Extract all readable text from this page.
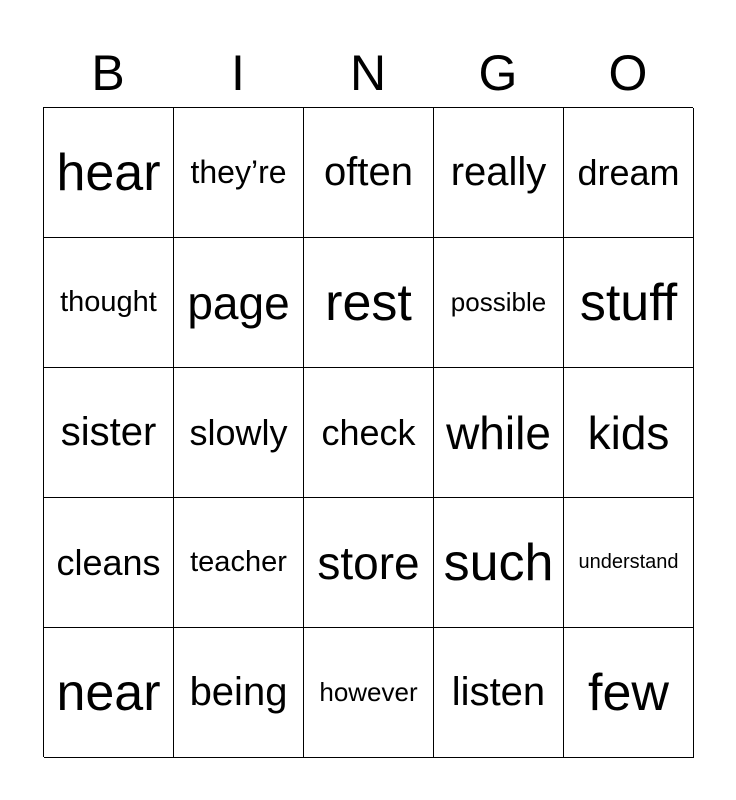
B	I	N	G	O
hear they’re often really dream
thought page rest	possible stuff
sister slowly check while kids
cleans	teacher store such	understand
near being	however listen few
